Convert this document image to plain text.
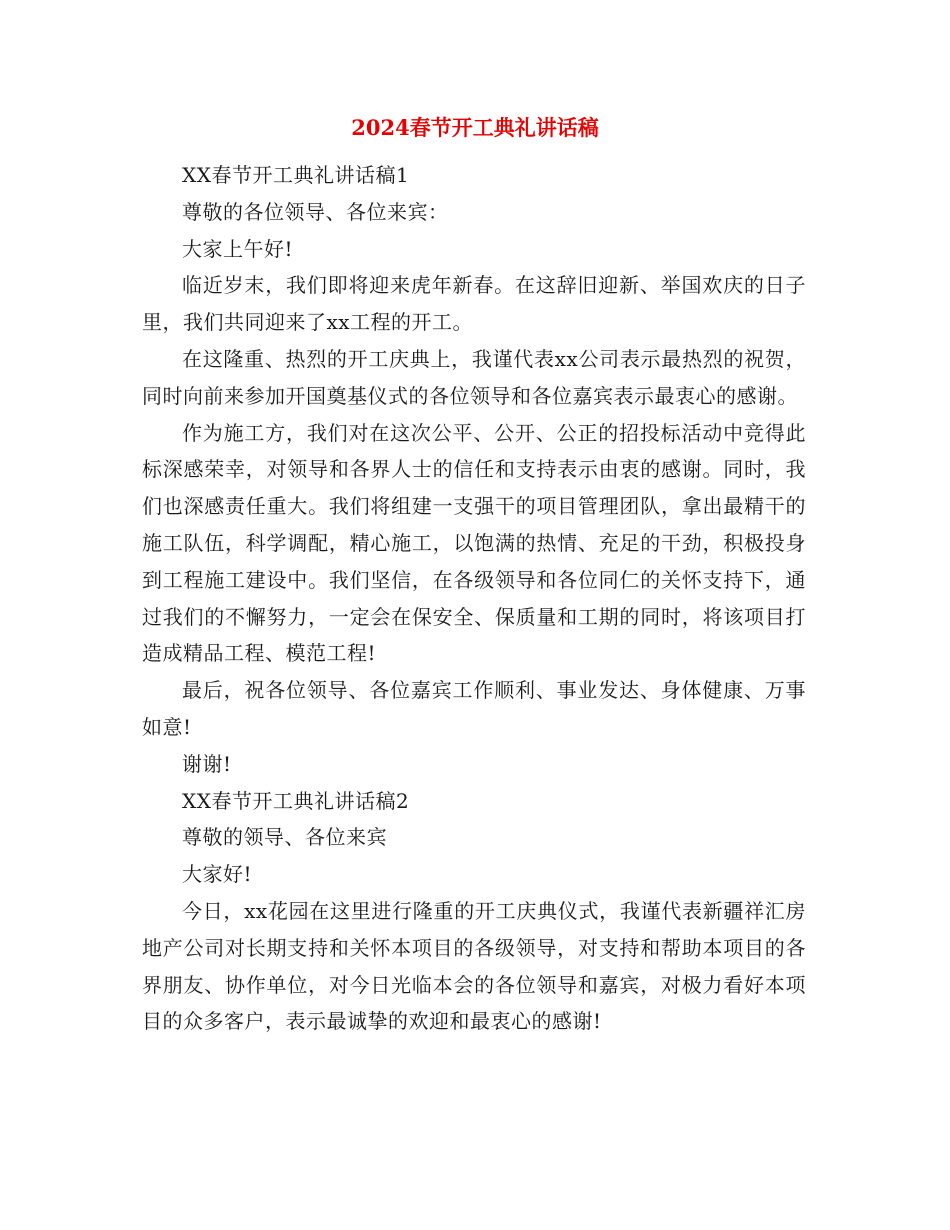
2024春节开工典礼讲话稿

XX春节开工典礼讲话稿1

尊敬的各位领导、各位来宾：

大家上午好!

临近岁末，我们即将迎来虎年新春。在这辞旧迎新、举国欢庆的日子里，我们共同迎来了xx工程的开工。

在这隆重、热烈的开工庆典上，我谨代表xx公司表示最热烈的祝贺，同时向前来参加开国奠基仪式的各位领导和各位嘉宾表示最衷心的感谢。

作为施工方，我们对在这次公平、公开、公正的招投标活动中竞得此标深感荣幸，对领导和各界人士的信任和支持表示由衷的感谢。同时，我们也深感责任重大。我们将组建一支强干的项目管理团队，拿出最精干的施工队伍，科学调配，精心施工，以饱满的热情、充足的干劲，积极投身到工程施工建设中。我们坚信，在各级领导和各位同仁的关怀支持下，通过我们的不懈努力，一定会在保安全、保质量和工期的同时，将该项目打造成精品工程、模范工程!

最后，祝各位领导、各位嘉宾工作顺利、事业发达、身体健康、万事如意!

谢谢!

XX春节开工典礼讲话稿2

尊敬的领导、各位来宾

大家好!

今日，xx花园在这里进行隆重的开工庆典仪式，我谨代表新疆祥汇房地产公司对长期支持和关怀本项目的各级领导，对支持和帮助本项目的各界朋友、协作单位，对今日光临本会的各位领导和嘉宾，对极力看好本项目的众多客户，表示最诚挚的欢迎和最衷心的感谢!
